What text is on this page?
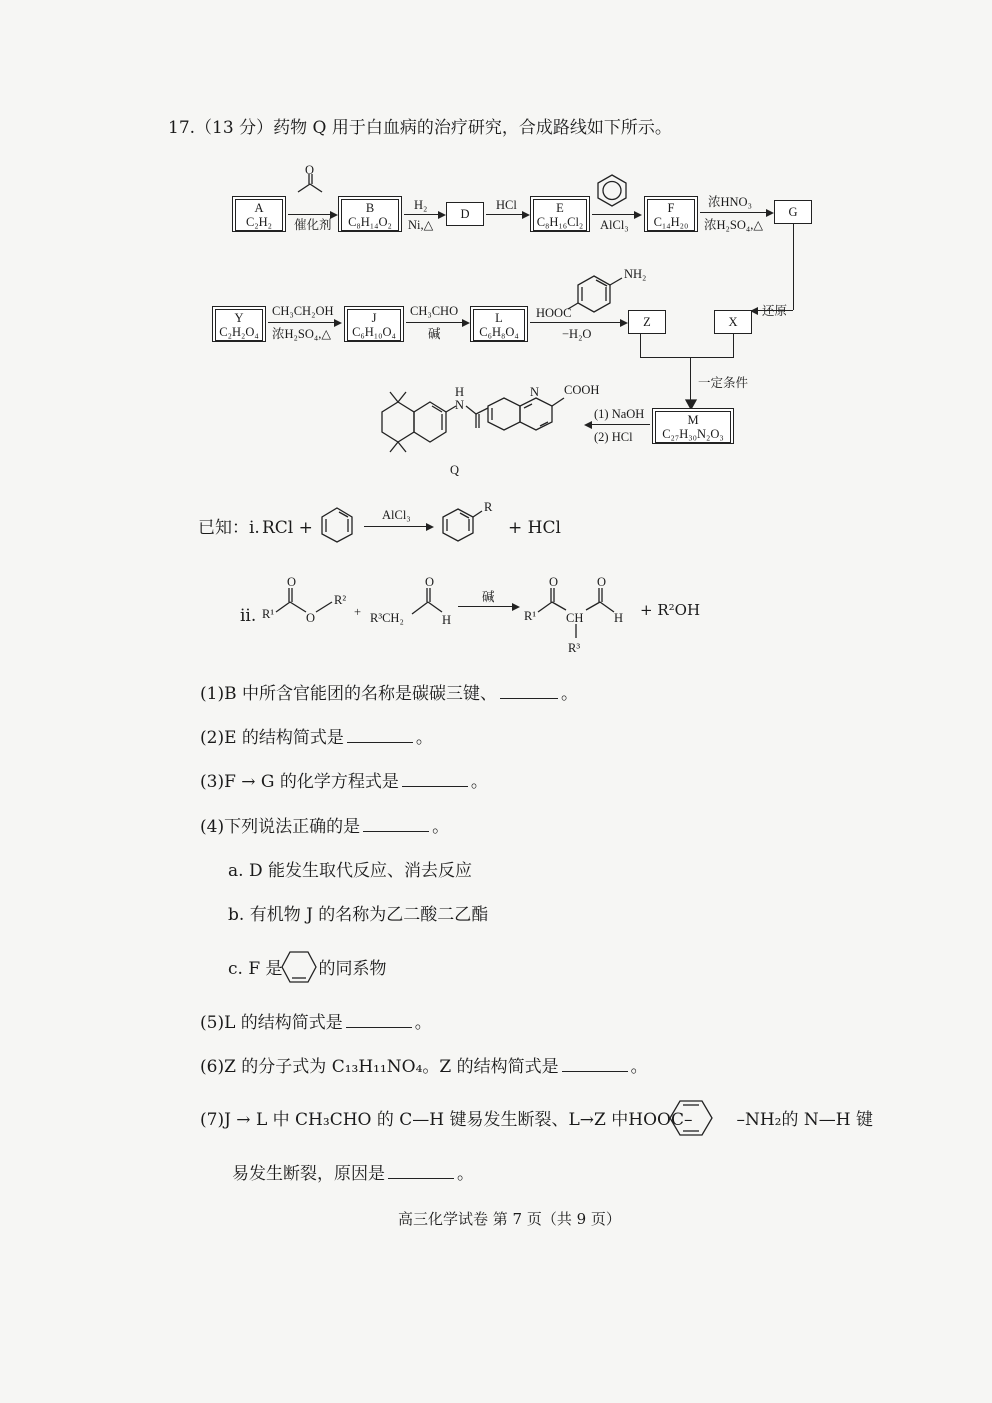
17.（13 分）药物 Q 用于白血病的治疗研究，合成路线如下所示。
A
C₂H₂
O
催化剂
B
C₈H₁₄O₂
H₂
Ni,△
D
HCl	E
C₈H₁₆Cl₂ AlCl₃
F
C₁₄H₂₀
浓HNO₃
浓H₂SO₄,△
G
还原
Y
C₂H₂O₄
CH₃CH₂OH
浓H₂SO₄,△
J
C₆H₁₀O₄
CH₃CHO
碱
L
C₆H₈O₄
NH₂
HOOC
−H₂O
Z	X
一定条件
M
C₂₇H₃₀N₂O₃
(1) NaOH
(2) HCl
N
H	N COOH
Q
已知：i. RCl +
AlCl₃
R
+ HCl
ii. R¹
O
O
R²
+ R³CH₂
O
H
碱
R¹
O
CH
R³
O
H + R²OH
(1)B 中所含官能团的名称是碳碳三键、	。
(2)E 的结构简式是	。
(3)F → G 的化学方程式是	。
(4)下列说法正确的是	。
a. D 能发生取代反应、消去反应
b. 有机物 J 的名称为乙二酸二乙酯
c. F 是 的同系物
(5)L 的结构简式是	。
(6)Z 的分子式为 C₁₃H₁₁NO₄。Z 的结构简式是	。
(7)J → L 中 CH₃CHO 的 C—H 键易发生断裂、L→Z 中HOOC–	–NH₂的 N—H 键
易发生断裂，原因是	。
高三化学试卷 第 7 页（共 9 页）
